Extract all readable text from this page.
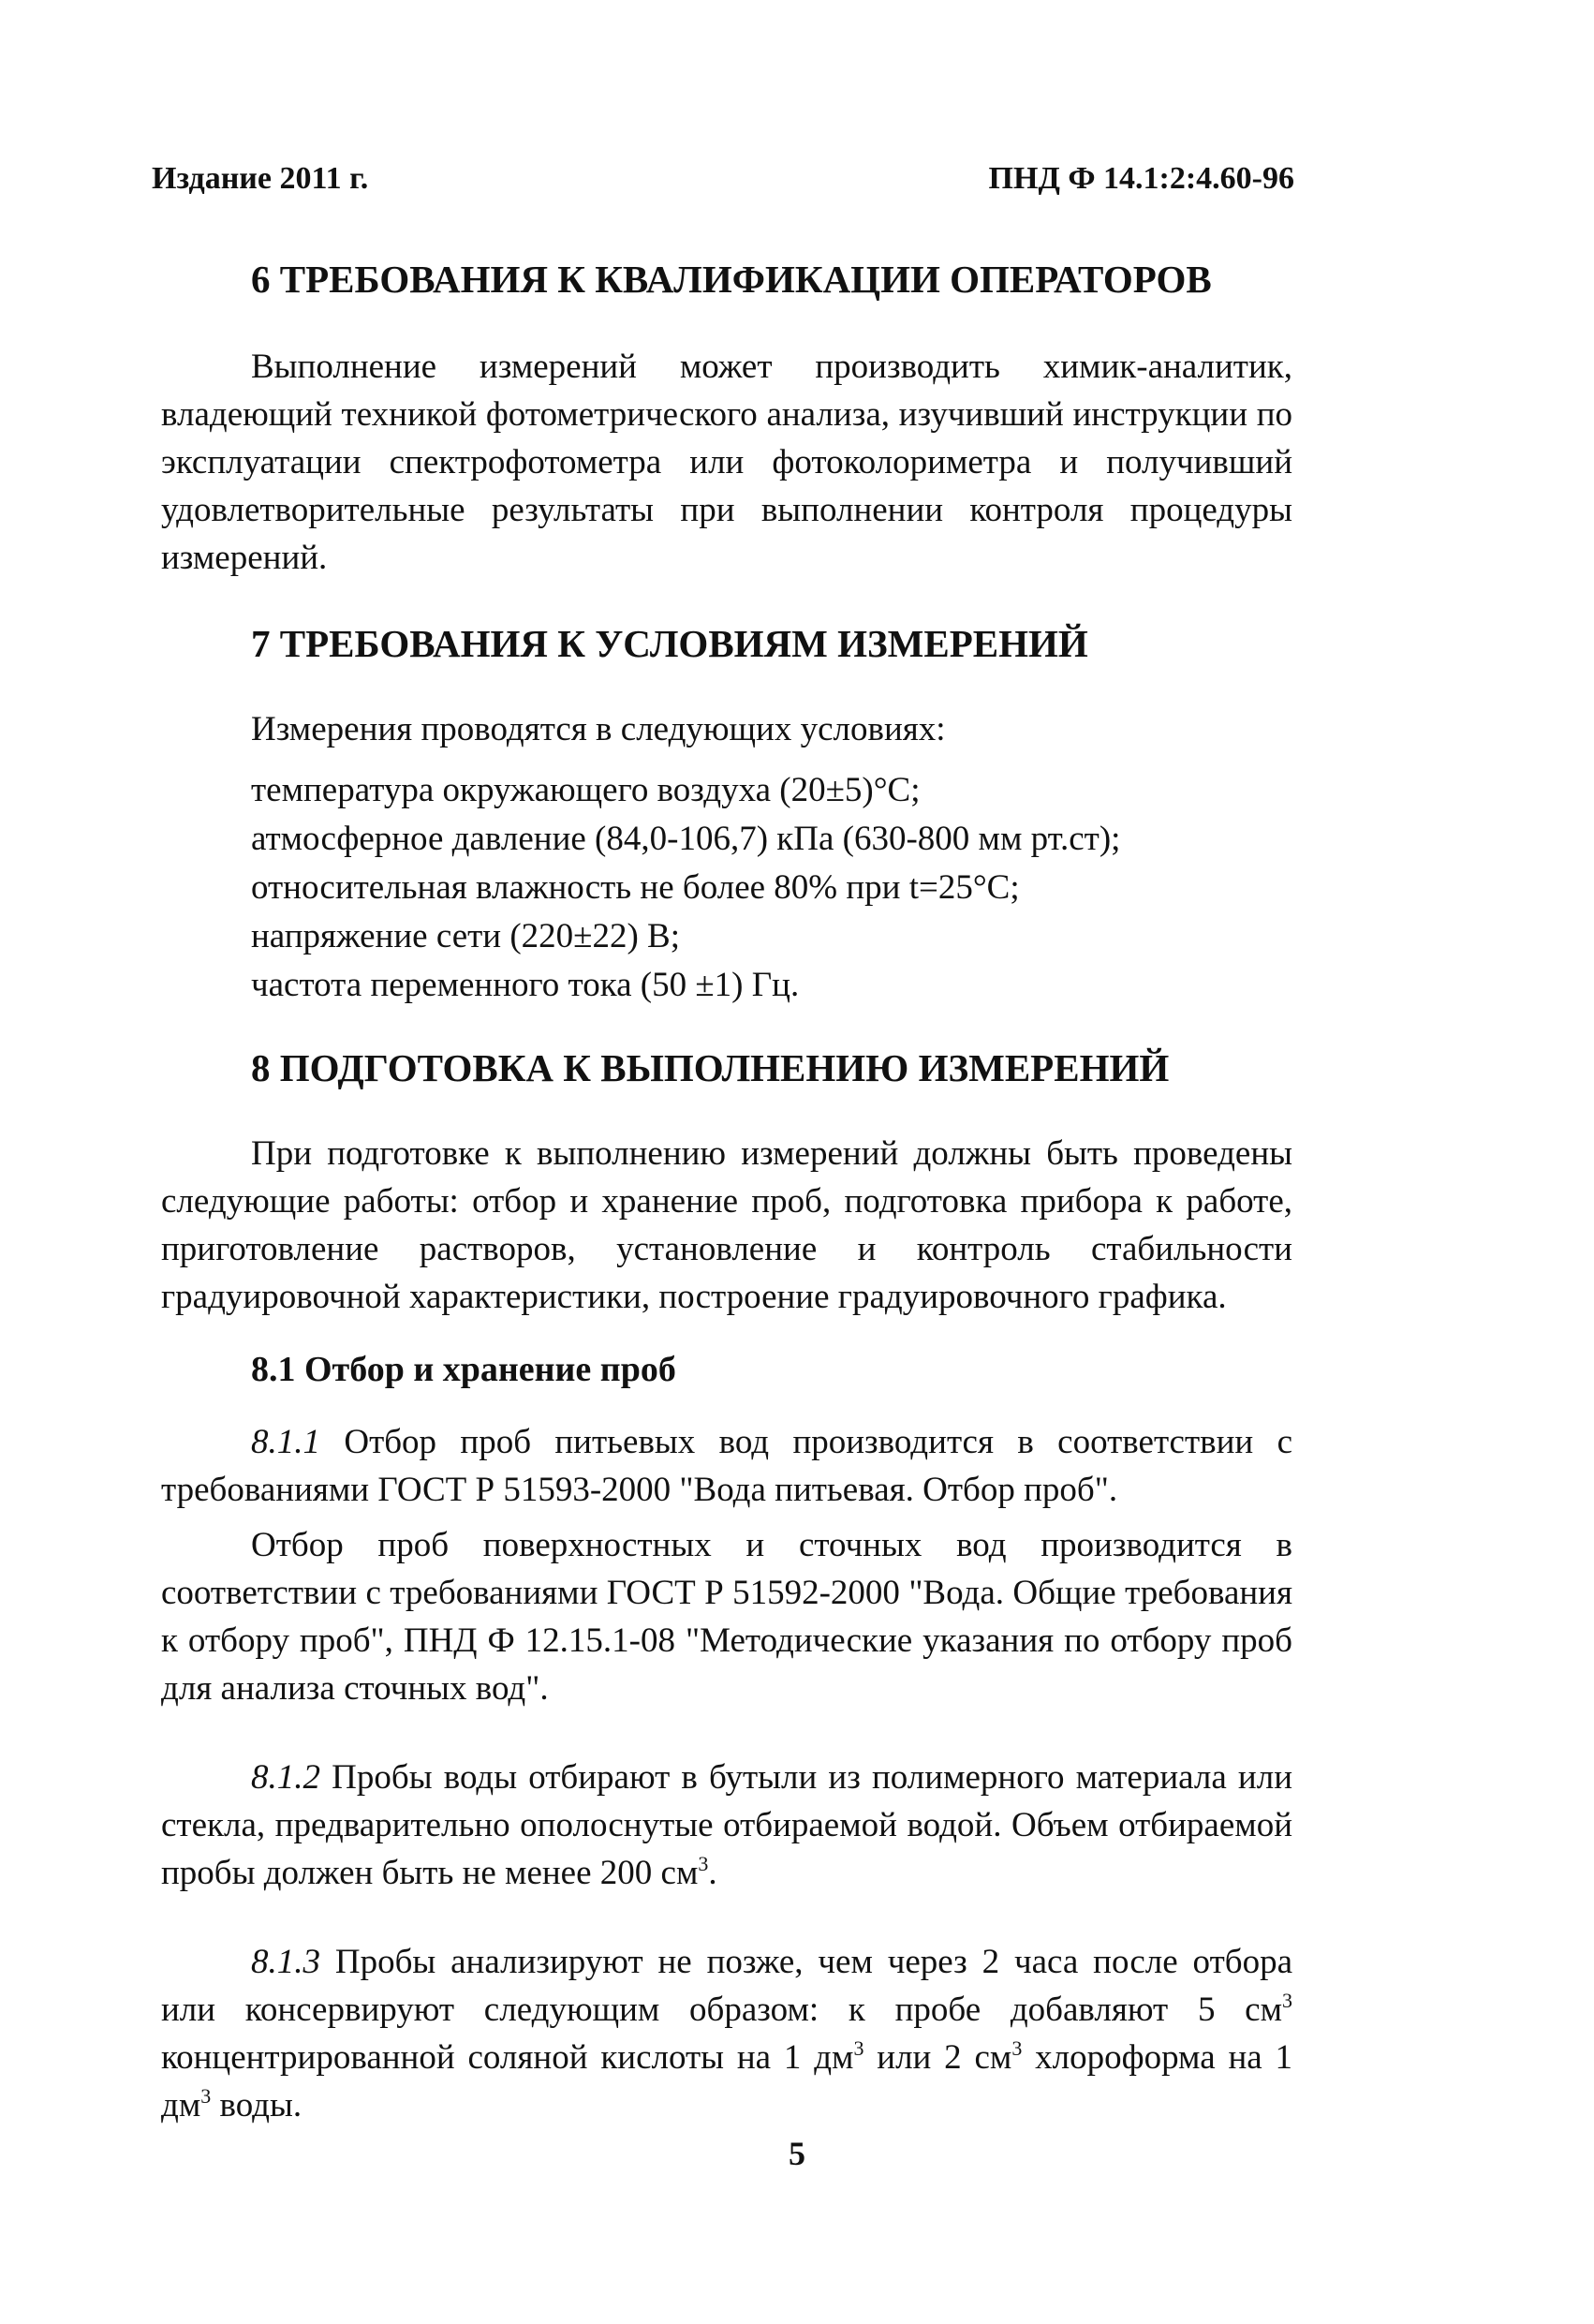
Издание 2011 г.	ПНД Ф 14.1:2:4.60-96
6 ТРЕБОВАНИЯ К КВАЛИФИКАЦИИ ОПЕРАТОРОВ

Выполнение измерений может производить химик-аналитик, владеющий техникой фотометрического анализа, изучивший инструкции по эксплуатации спектрофотометра или фотоколориметра и получивший удовлетворительные результаты при выполнении контроля процедуры измерений.

7 ТРЕБОВАНИЯ К УСЛОВИЯМ ИЗМЕРЕНИЙ

Измерения проводятся в следующих условиях:

температура окружающего воздуха (20±5)°С;
атмосферное давление (84,0-106,7) кПа (630-800 мм рт.ст);
относительная влажность не более 80% при t=25°С;
напряжение сети (220±22) В;
частота переменного тока (50 ±1) Гц.
8 ПОДГОТОВКА К ВЫПОЛНЕНИЮ ИЗМЕРЕНИЙ

При подготовке к выполнению измерений должны быть проведены следующие работы: отбор и хранение проб, подготовка прибора к работе, приготовление растворов, установление и контроль стабильности градуировочной характеристики, построение градуировочного графика.

8.1 Отбор и хранение проб

8.1.1 Отбор проб питьевых вод производится в соответствии с требованиями ГОСТ Р 51593-2000 "Вода питьевая. Отбор проб".

Отбор проб поверхностных и сточных вод производится в соответствии с требованиями ГОСТ Р 51592-2000 "Вода. Общие требования к отбору проб", ПНД Ф 12.15.1-08 "Методические указания по отбору проб для анализа сточных вод".

8.1.2 Пробы воды отбирают в бутыли из полимерного материала или стекла, предварительно ополоснутые отбираемой водой. Объем отбираемой пробы должен быть не менее 200 $см^3$.

8.1.3 Пробы анализируют не позже, чем через 2 часа после отбора или консервируют следующим образом: к пробе добавляют 5 $см^3$ концентрированной соляной кислоты на 1 $дм^3$ или 2 $см^3$ хлороформа на 1 $дм^3$ воды.

5
